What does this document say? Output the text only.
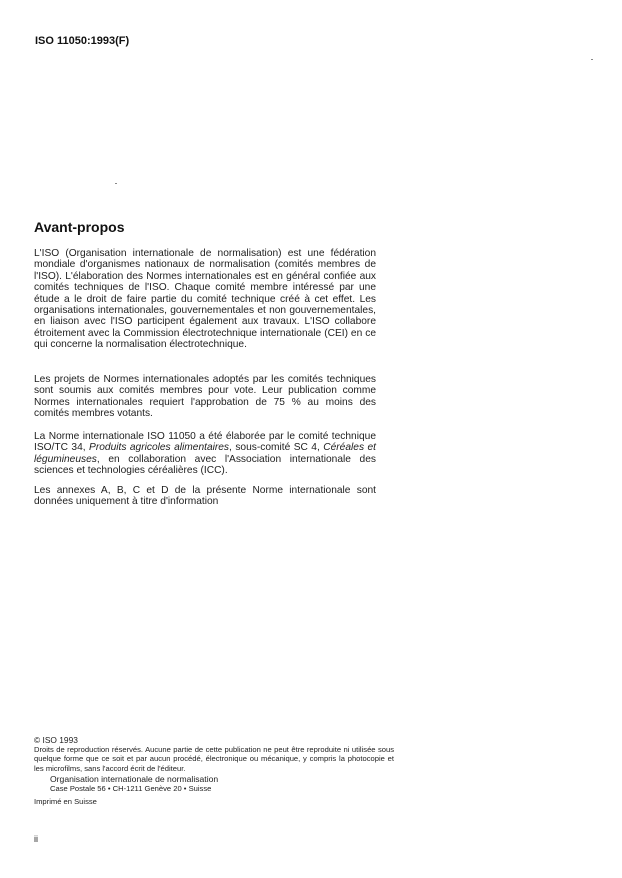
ISO 11050:1993(F)
Avant-propos

L'ISO (Organisation internationale de normalisation) est une fédération mondiale d'organismes nationaux de normalisation (comités membres de l'ISO). L'élaboration des Normes internationales est en général confiée aux comités techniques de l'ISO. Chaque comité membre intéressé par une étude a le droit de faire partie du comité technique créé à cet effet. Les organisations internationales, gouvernementales et non gouvernementales, en liaison avec l'ISO participent également aux travaux. L'ISO collabore étroitement avec la Commission électrotechnique internationale (CEI) en ce qui concerne la normalisation électrotechnique.

Les projets de Normes internationales adoptés par les comités techniques sont soumis aux comités membres pour vote. Leur publication comme Normes internationales requiert l'approbation de 75 % au moins des comités membres votants.

La Norme internationale ISO 11050 a été élaborée par le comité technique ISO/TC 34, Produits agricoles alimentaires, sous-comité SC 4, Céréales et légumineuses, en collaboration avec l'Association internationale des sciences et technologies céréalières (ICC).

Les annexes A, B, C et D de la présente Norme internationale sont données uniquement à titre d'information

© ISO 1993
Droits de reproduction réservés. Aucune partie de cette publication ne peut être reproduite ni utilisée sous quelque forme que ce soit et par aucun procédé, électronique ou mécanique, y compris la photocopie et les microfilms, sans l'accord écrit de l'éditeur.
Organisation internationale de normalisation
Case Postale 56 • CH-1211 Genève 20 • Suisse
Imprimé en Suisse
ii
